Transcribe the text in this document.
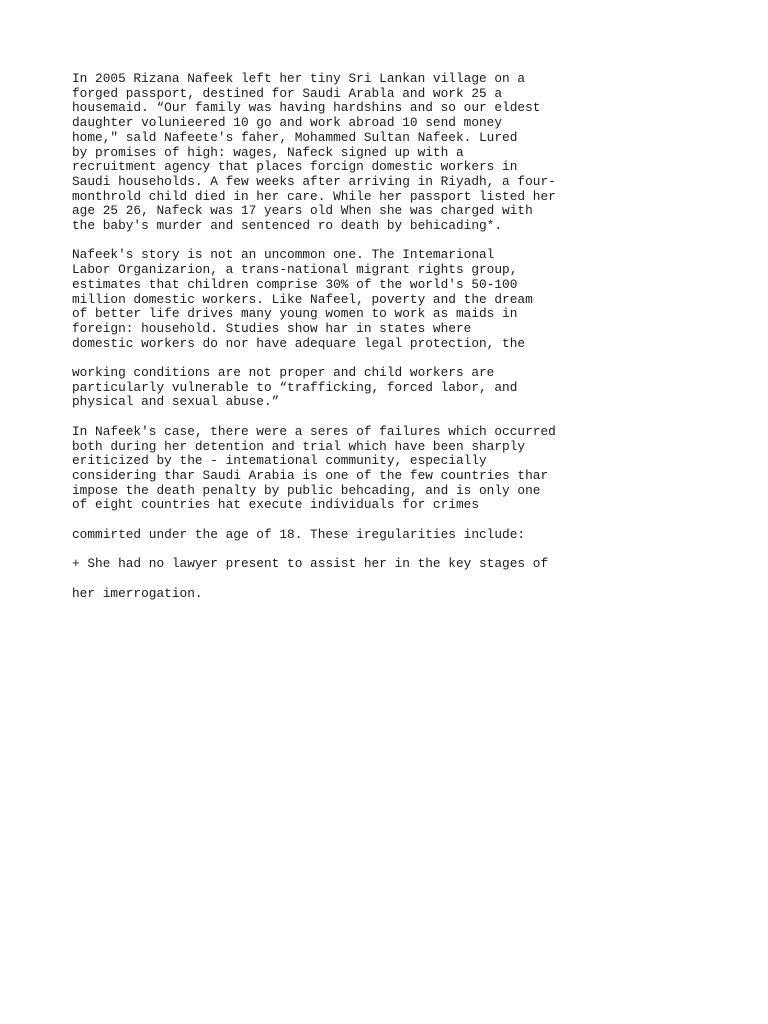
In 2005 Rizana Nafeek left her tiny Sri Lankan village on a
forged passport, destined for Saudi Arabla and work 25 a
housemaid. “Our family was having hardshins and so our eldest
daughter volunieered 10 go and work abroad 10 send money
home," sald Nafeete's faher, Mohammed Sultan Nafeek. Lured
by promises of high: wages, Nafeck signed up with a
recruitment agency that places forcign domestic workers in
Saudi households. A few weeks after arriving in Riyadh, a four-
monthrold child died in her care. While her passport listed her
age 25 26, Nafeck was 17 years old When she was charged with
the baby's murder and sentenced ro death by behicading*.
Nafeek's story is not an uncommon one. The Intemarional
Labor Organizarion, a trans-national migrant rights group,
estimates that children comprise 30% of the world's 50-100
million domestic workers. Like Nafeel, poverty and the dream
of better life drives many young women to work as maids in
foreign: household. Studies show har in states where
domestic workers do nor have adequare legal protection, the
working conditions are not proper and child workers are
particularly vulnerable to “trafficking, forced labor, and
physical and sexual abuse.”
In Nafeek's case, there were a seres of failures which occurred
both during her detention and trial which have been sharply
eriticized by the - intemational community, especially
considering thar Saudi Arabia is one of the few countries thar
impose the death penalty by public behcading, and is only one
of eight countries hat execute individuals for crimes
commirted under the age of 18. These iregularities include:
+ She had no lawyer present to assist her in the key stages of
her imerrogation.
